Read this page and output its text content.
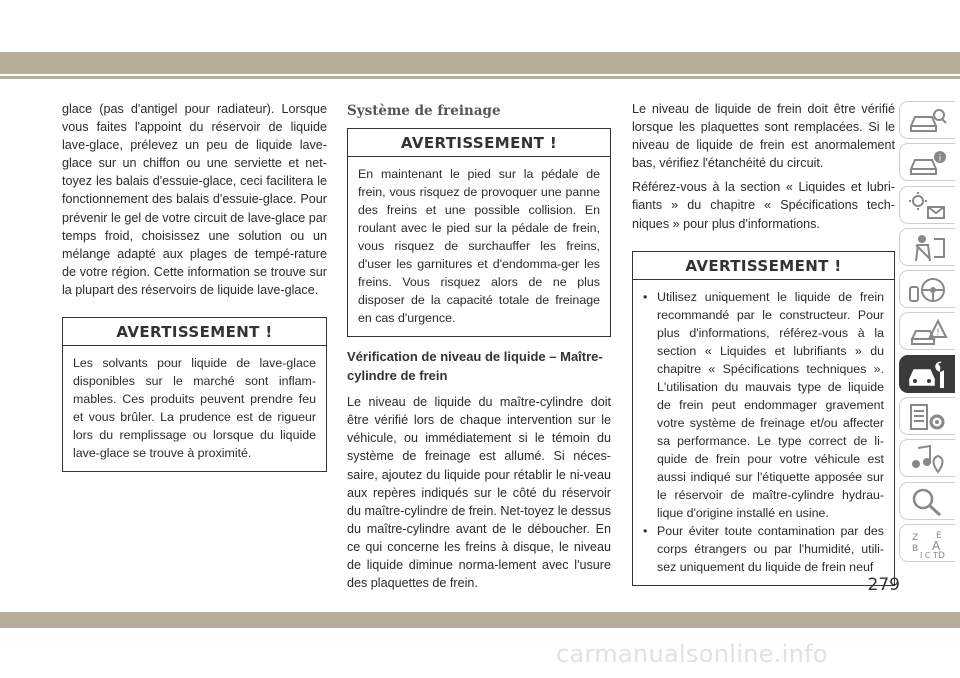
glace (pas d'antigel pour radiateur). Lorsque vous faites l'appoint du réservoir de liquide lave-glace, prélevez un peu de liquide lave-glace sur un chiffon ou une serviette et net-toyez les balais d'essuie-glace, ceci facilitera le fonctionnement des balais d'essuie-glace. Pour prévenir le gel de votre circuit de lave-glace par temps froid, choisissez une solution ou un mélange adapté aux plages de tempé-rature de votre région. Cette information se trouve sur la plupart des réservoirs de liquide lave-glace.

AVERTISSEMENT !
Les solvants pour liquide de lave-glace disponibles sur le marché sont inflam-mables. Ces produits peuvent prendre feu et vous brûler. La prudence est de rigueur lors du remplissage ou lorsque du liquide lave-glace se trouve à proximité.
Système de freinage
AVERTISSEMENT !
En maintenant le pied sur la pédale de frein, vous risquez de provoquer une panne des freins et une possible collision. En roulant avec le pied sur la pédale de frein, vous risquez de surchauffer les freins, d'user les garnitures et d'endomma-ger les freins. Vous risquez alors de ne plus disposer de la capacité totale de freinage en cas d'urgence.
Vérification de niveau de liquide – Maître-cylindre de frein

Le niveau de liquide du maître-cylindre doit être vérifié lors de chaque intervention sur le véhicule, ou immédiatement si le témoin du système de freinage est allumé. Si néces-saire, ajoutez du liquide pour rétablir le ni-veau aux repères indiqués sur le côté du réservoir du maître-cylindre de frein. Net-toyez le dessus du maître-cylindre avant de le déboucher. En ce qui concerne les freins à disque, le niveau de liquide diminue norma-lement avec l'usure des plaquettes de frein.

Le niveau de liquide de frein doit être vérifié lorsque les plaquettes sont remplacées. Si le niveau de liquide de frein est anormalement bas, vérifiez l'étanchéité du circuit.

Référez-vous à la section « Liquides et lubri-fiants » du chapitre « Spécifications tech-niques » pour plus d'informations.

AVERTISSEMENT !
• Utilisez uniquement le liquide de frein recommandé par le constructeur. Pour plus d'informations, référez-vous à la section « Liquides et lubrifiants » du chapitre « Spécifications techniques ». L'utilisation du mauvais type de liquide de frein peut endommager gravement votre système de freinage et/ou affecter sa performance. Le type correct de li-quide de frein pour votre véhicule est aussi indiqué sur l'étiquette apposée sur le réservoir de maître-cylindre hydrau-lique d'origine installé en usine.
• Pour éviter toute contamination par des corps étrangers ou par l'humidité, utili-sez uniquement du liquide de frein neuf
i
!
Z E
B A
I C T D
279
carmanualsonline.info
